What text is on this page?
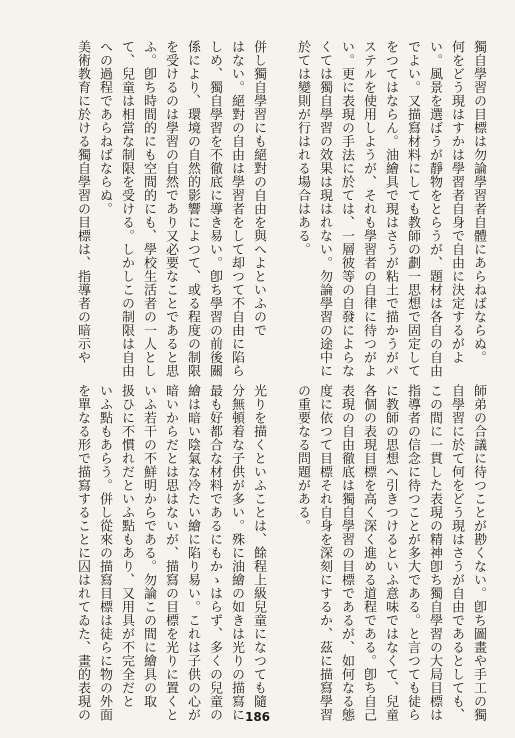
獨自學習の目標は勿論學習者自體にあらねばならぬ。
何をどう現はすかは學習者自身で自由に決定するがよ
い。風景を選ばうが靜物をとらうが、題材は各自の自由
でよい。又描寫材料にしても教師の劃一思想で固定して
をつてはならん。油繪具で現はさうが粘土で描かうがパ
ステルを使用しようが、それも學習者の自律に待つがよ
い。更に表現の手法に於ては、一層彼等の自發によらな
くては獨自學習の效果は現はれない。勿論學習の途中に
於ては變則が行はれる場合はある。
併し獨自學習にも絕對の自由を與へよといふので
はない。絕對の自由は學習者をして却つて不自由に陷ら
しめ、獨自學習を不徹底に導き易い。卽ち學習の前後關
係により、環境の自然的影響によつて、或る程度の制限
を受けるのは學習の自然であり又必要なことであると思
ふ。卽ち時間的にも空間的にも、學校生活者の一人とし
て、兒童は相當な制限を受ける。しかしこの制限は自由
への過程であらねばならぬ。
美術教育に於ける獨自學習の目標は、指導者の暗示や
師弟の合議に待つことが尠くない。卽ち圖畫や手工の獨
自學習に於て何をどう現はさうが自由であるとしても、
この間に一貫した表現の精神卽ち獨自學習の大局目標は
指導者の信念に待つことが多大である。と言つても徒ら
に教師の思想へ引きつけるといふ意味ではなくて、兒童
各個の表現目標を高く深く進める道程である。卽ち自己
表現の自由徹底は獨自學習の目標であるが、如何なる態
度に依つて目標それ自身を深刻にするか、茲に描寫學習
の重要なる問題がある。
光りを描くといふことは、餘程上級兒童になつても隨
分無頓着な子供が多い。殊に油繪の如きは光りの描寫に
最も好都合な材料であるにもかゝはらず、多くの兒童の
繪は暗い陰氣な冷たい繪に陷り易い。これは子供の心が
暗いからだとは思はないが、描寫の目標を光りに置くと
いふ若干の不鮮明からである。勿論この間に繪具の取
扱ひに不慣れだといふ點もあり、又用具が不完全だと
いふ點もあらう。併し從來の描寫目標は徒らに物の外面
を單なる形で描寫することに囚はれてゐた、畫的表現の	186
